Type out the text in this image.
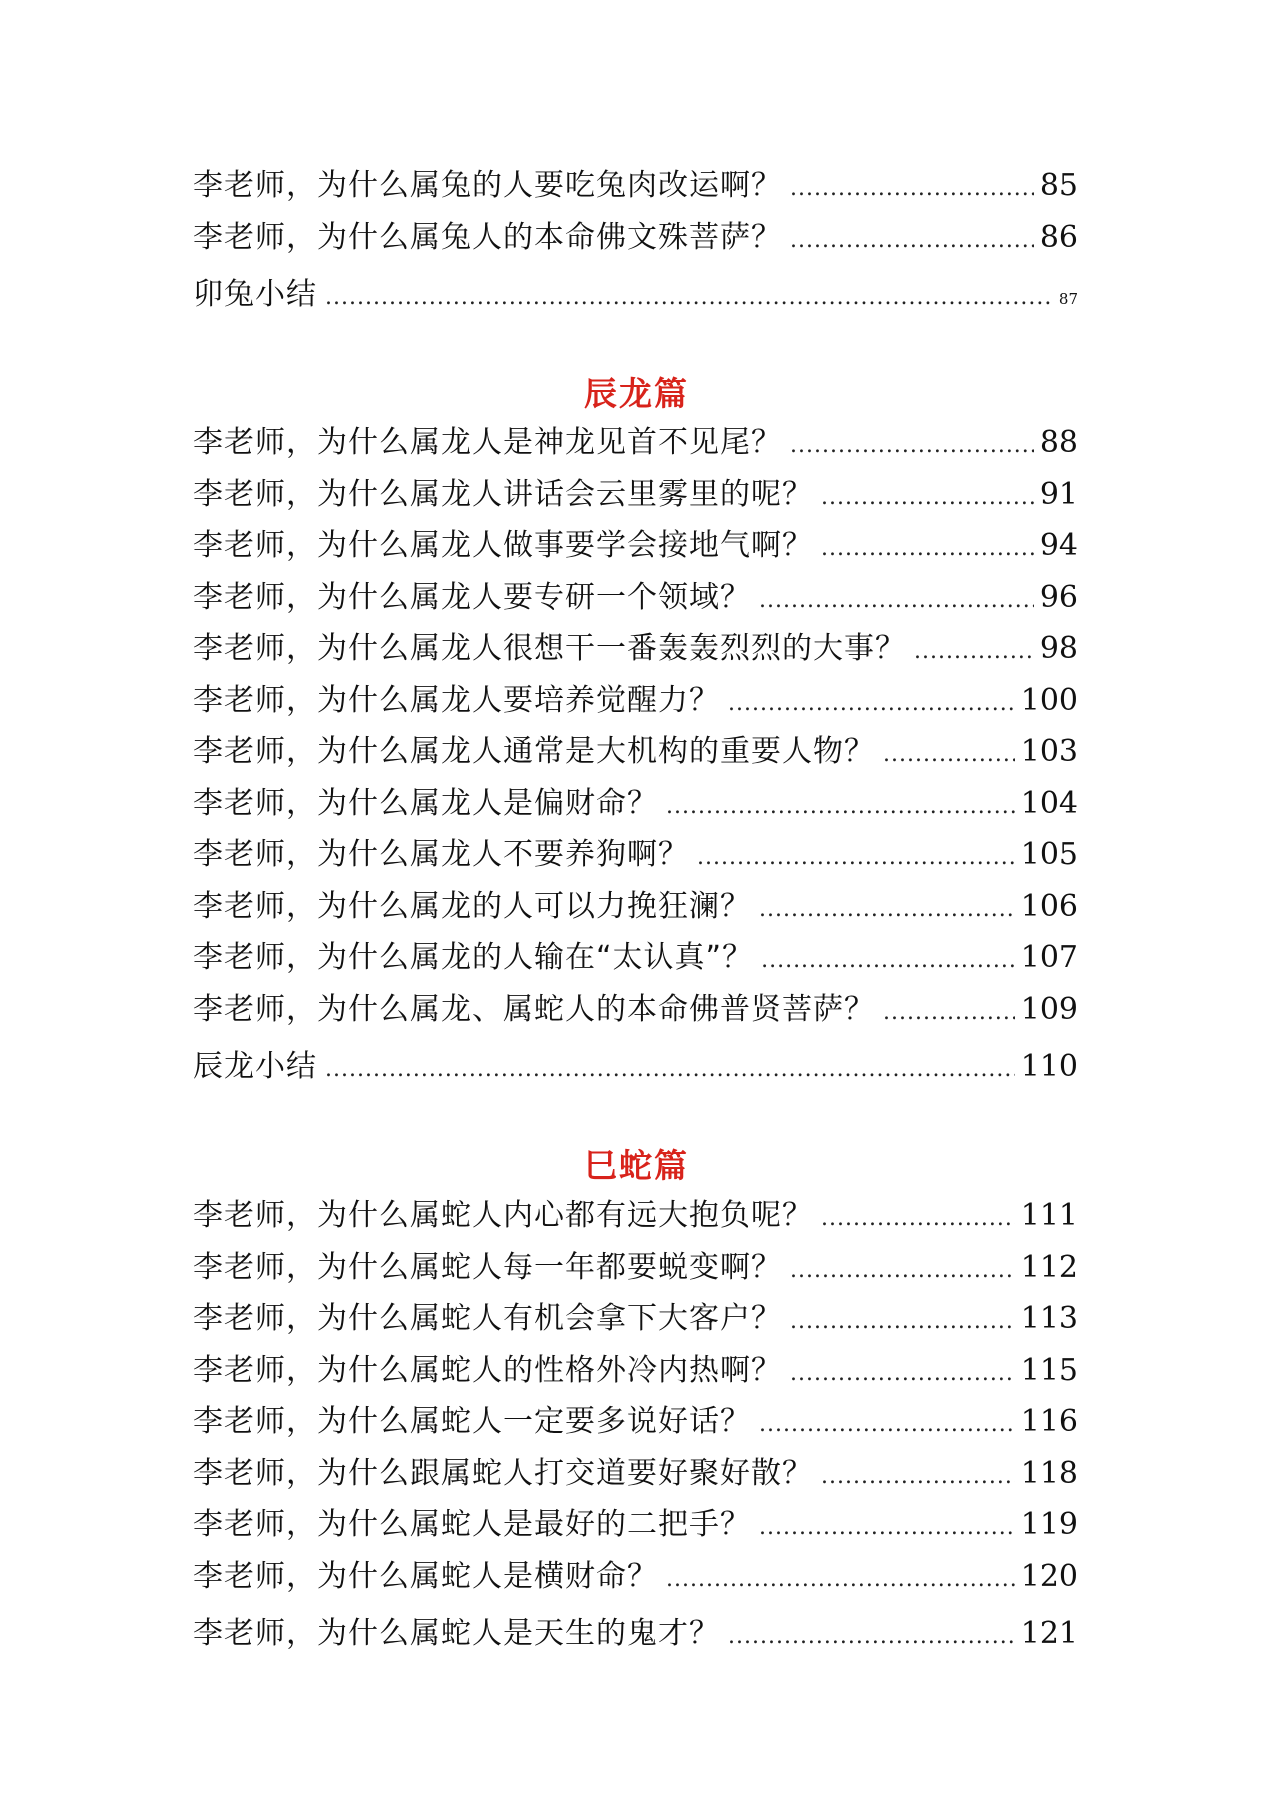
李老师，为什么属兔的人要吃兔肉改运啊？ .....	85
李老师，为什么属兔人的本命佛文殊菩萨？ .....	86
卯兔小结 .....	87
辰龙篇
李老师，为什么属龙人是神龙见首不见尾？ .....	88
李老师，为什么属龙人讲话会云里雾里的呢？ .....	91
李老师，为什么属龙人做事要学会接地气啊？ .....	94
李老师，为什么属龙人要专研一个领域？ .....	96
李老师，为什么属龙人很想干一番轰轰烈烈的大事？ .....	98
李老师，为什么属龙人要培养觉醒力？ .....	100
李老师，为什么属龙人通常是大机构的重要人物？ .....	103
李老师，为什么属龙人是偏财命？ .....	104
李老师，为什么属龙人不要养狗啊？ .....	105
李老师，为什么属龙的人可以力挽狂澜？ .....	106
李老师，为什么属龙的人输在“太认真”？ .....	107
李老师，为什么属龙、属蛇人的本命佛普贤菩萨？ .....	109
辰龙小结 .....	110
巳蛇篇
李老师，为什么属蛇人内心都有远大抱负呢？ .....	111
李老师，为什么属蛇人每一年都要蜕变啊？ .....	112
李老师，为什么属蛇人有机会拿下大客户？ .....	113
李老师，为什么属蛇人的性格外冷内热啊？ .....	115
李老师，为什么属蛇人一定要多说好话？ .....	116
李老师，为什么跟属蛇人打交道要好聚好散？ .....	118
李老师，为什么属蛇人是最好的二把手？ .....	119
李老师，为什么属蛇人是横财命？ .....	120
李老师，为什么属蛇人是天生的鬼才？ .....	121
